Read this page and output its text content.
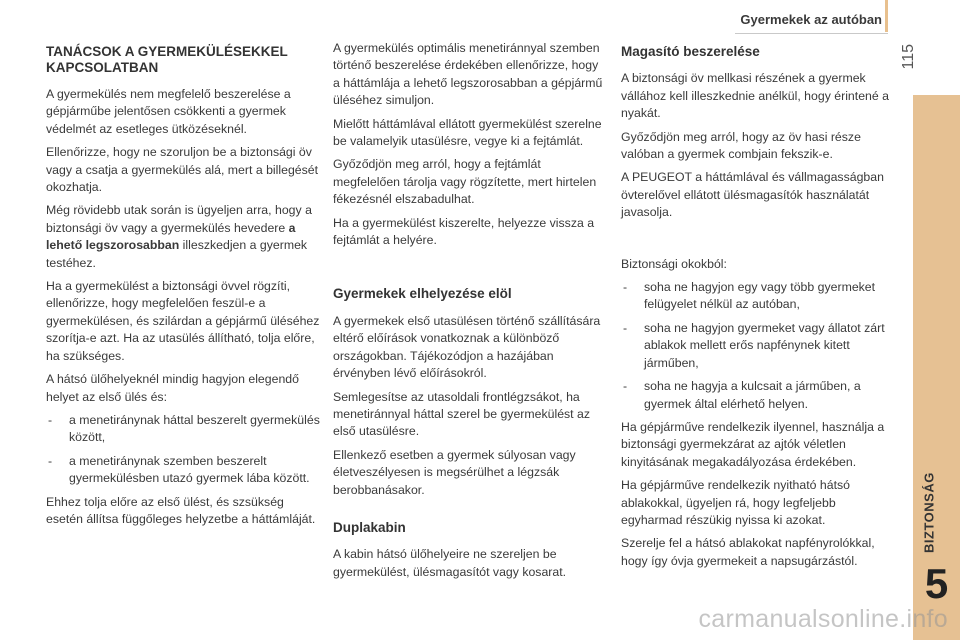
Gyermekek az autóban
115
BIZTONSÁG
5
TANÁCSOK A GYERMEKÜLÉSEKKEL KAPCSOLATBAN

A gyermekülés nem megfelelő beszerelése a gépjárműbe jelentősen csökkenti a gyermek védelmét az esetleges ütközéseknél.

Ellenőrizze, hogy ne szoruljon be a biztonsági öv vagy a csatja a gyermekülés alá, mert a billegését okozhatja.

Még rövidebb utak során is ügyeljen arra, hogy a biztonsági öv vagy a gyermekülés hevedere a lehető legszorosabban illeszkedjen a gyermek testéhez.

Ha a gyermekülést a biztonsági övvel rögzíti, ellenőrizze, hogy megfelelően feszül-e a gyermekülésen, és szilárdan a gépjármű üléséhez szorítja-e azt. Ha az utasülés állítható, tolja előre, ha szükséges.

A hátsó ülőhelyeknél mindig hagyjon elegendő helyet az első ülés és:

- a menetiránynak háttal beszerelt gyermekülés között,
- a menetiránynak szemben beszerelt gyermekülésben utazó gyermek lába között.

Ehhez tolja előre az első ülést, és szsükség esetén állítsa függőleges helyzetbe a háttámláját.

A gyermekülés optimális menetiránnyal szemben történő beszerelése érdekében ellenőrizze, hogy a háttámlája a lehető legszorosabban a gépjármű üléséhez simuljon.

Mielőtt háttámlával ellátott gyermekülést szerelne be valamelyik utasülésre, vegye ki a fejtámlát.

Győződjön meg arról, hogy a fejtámlát megfelelően tárolja vagy rögzítette, mert hirtelen fékezésnél elszabadulhat.

Ha a gyermekülést kiszerelte, helyezze vissza a fejtámlát a helyére.

Gyermekek elhelyezése elöl

A gyermekek első utasülésen történő szállítására eltérő előírások vonatkoznak a különböző országokban. Tájékozódjon a hazájában érvényben lévő előírásokról.

Semlegesítse az utasoldali frontlégzsákot, ha menetiránnyal háttal szerel be gyermekülést az első utasülésre.

Ellenkező esetben a gyermek súlyosan vagy életveszélyesen is megsérülhet a légzsák berobbanásakor.

Duplakabin

A kabin hátsó ülőhelyeire ne szereljen be gyermekülést, ülésmagasítót vagy kosarat.

Magasító beszerelése

A biztonsági öv mellkasi részének a gyermek vállához kell illeszkednie anélkül, hogy érintené a nyakát.

Győződjön meg arról, hogy az öv hasi része valóban a gyermek combjain fekszik-e.

A PEUGEOT a háttámlával és vállmagasságban övterelővel ellátott ülésmagasítók használatát javasolja.

Biztonsági okokból:

- soha ne hagyjon egy vagy több gyermeket felügyelet nélkül az autóban,
- soha ne hagyjon gyermeket vagy állatot zárt ablakok mellett erős napfénynek kitett járműben,
- soha ne hagyja a kulcsait a járműben, a gyermek által elérhető helyen.

Ha gépjárműve rendelkezik ilyennel, használja a biztonsági gyermekzárat az ajtók véletlen kinyitásának megakadályozása érdekében.

Ha gépjárműve rendelkezik nyitható hátsó ablakokkal, ügyeljen rá, hogy legfeljebb egyharmad részükig nyissa ki azokat.

Szerelje fel a hátsó ablakokat napfényrolókkal, hogy így óvja gyermekeit a napsugárzástól.

carmanualsonline.info
